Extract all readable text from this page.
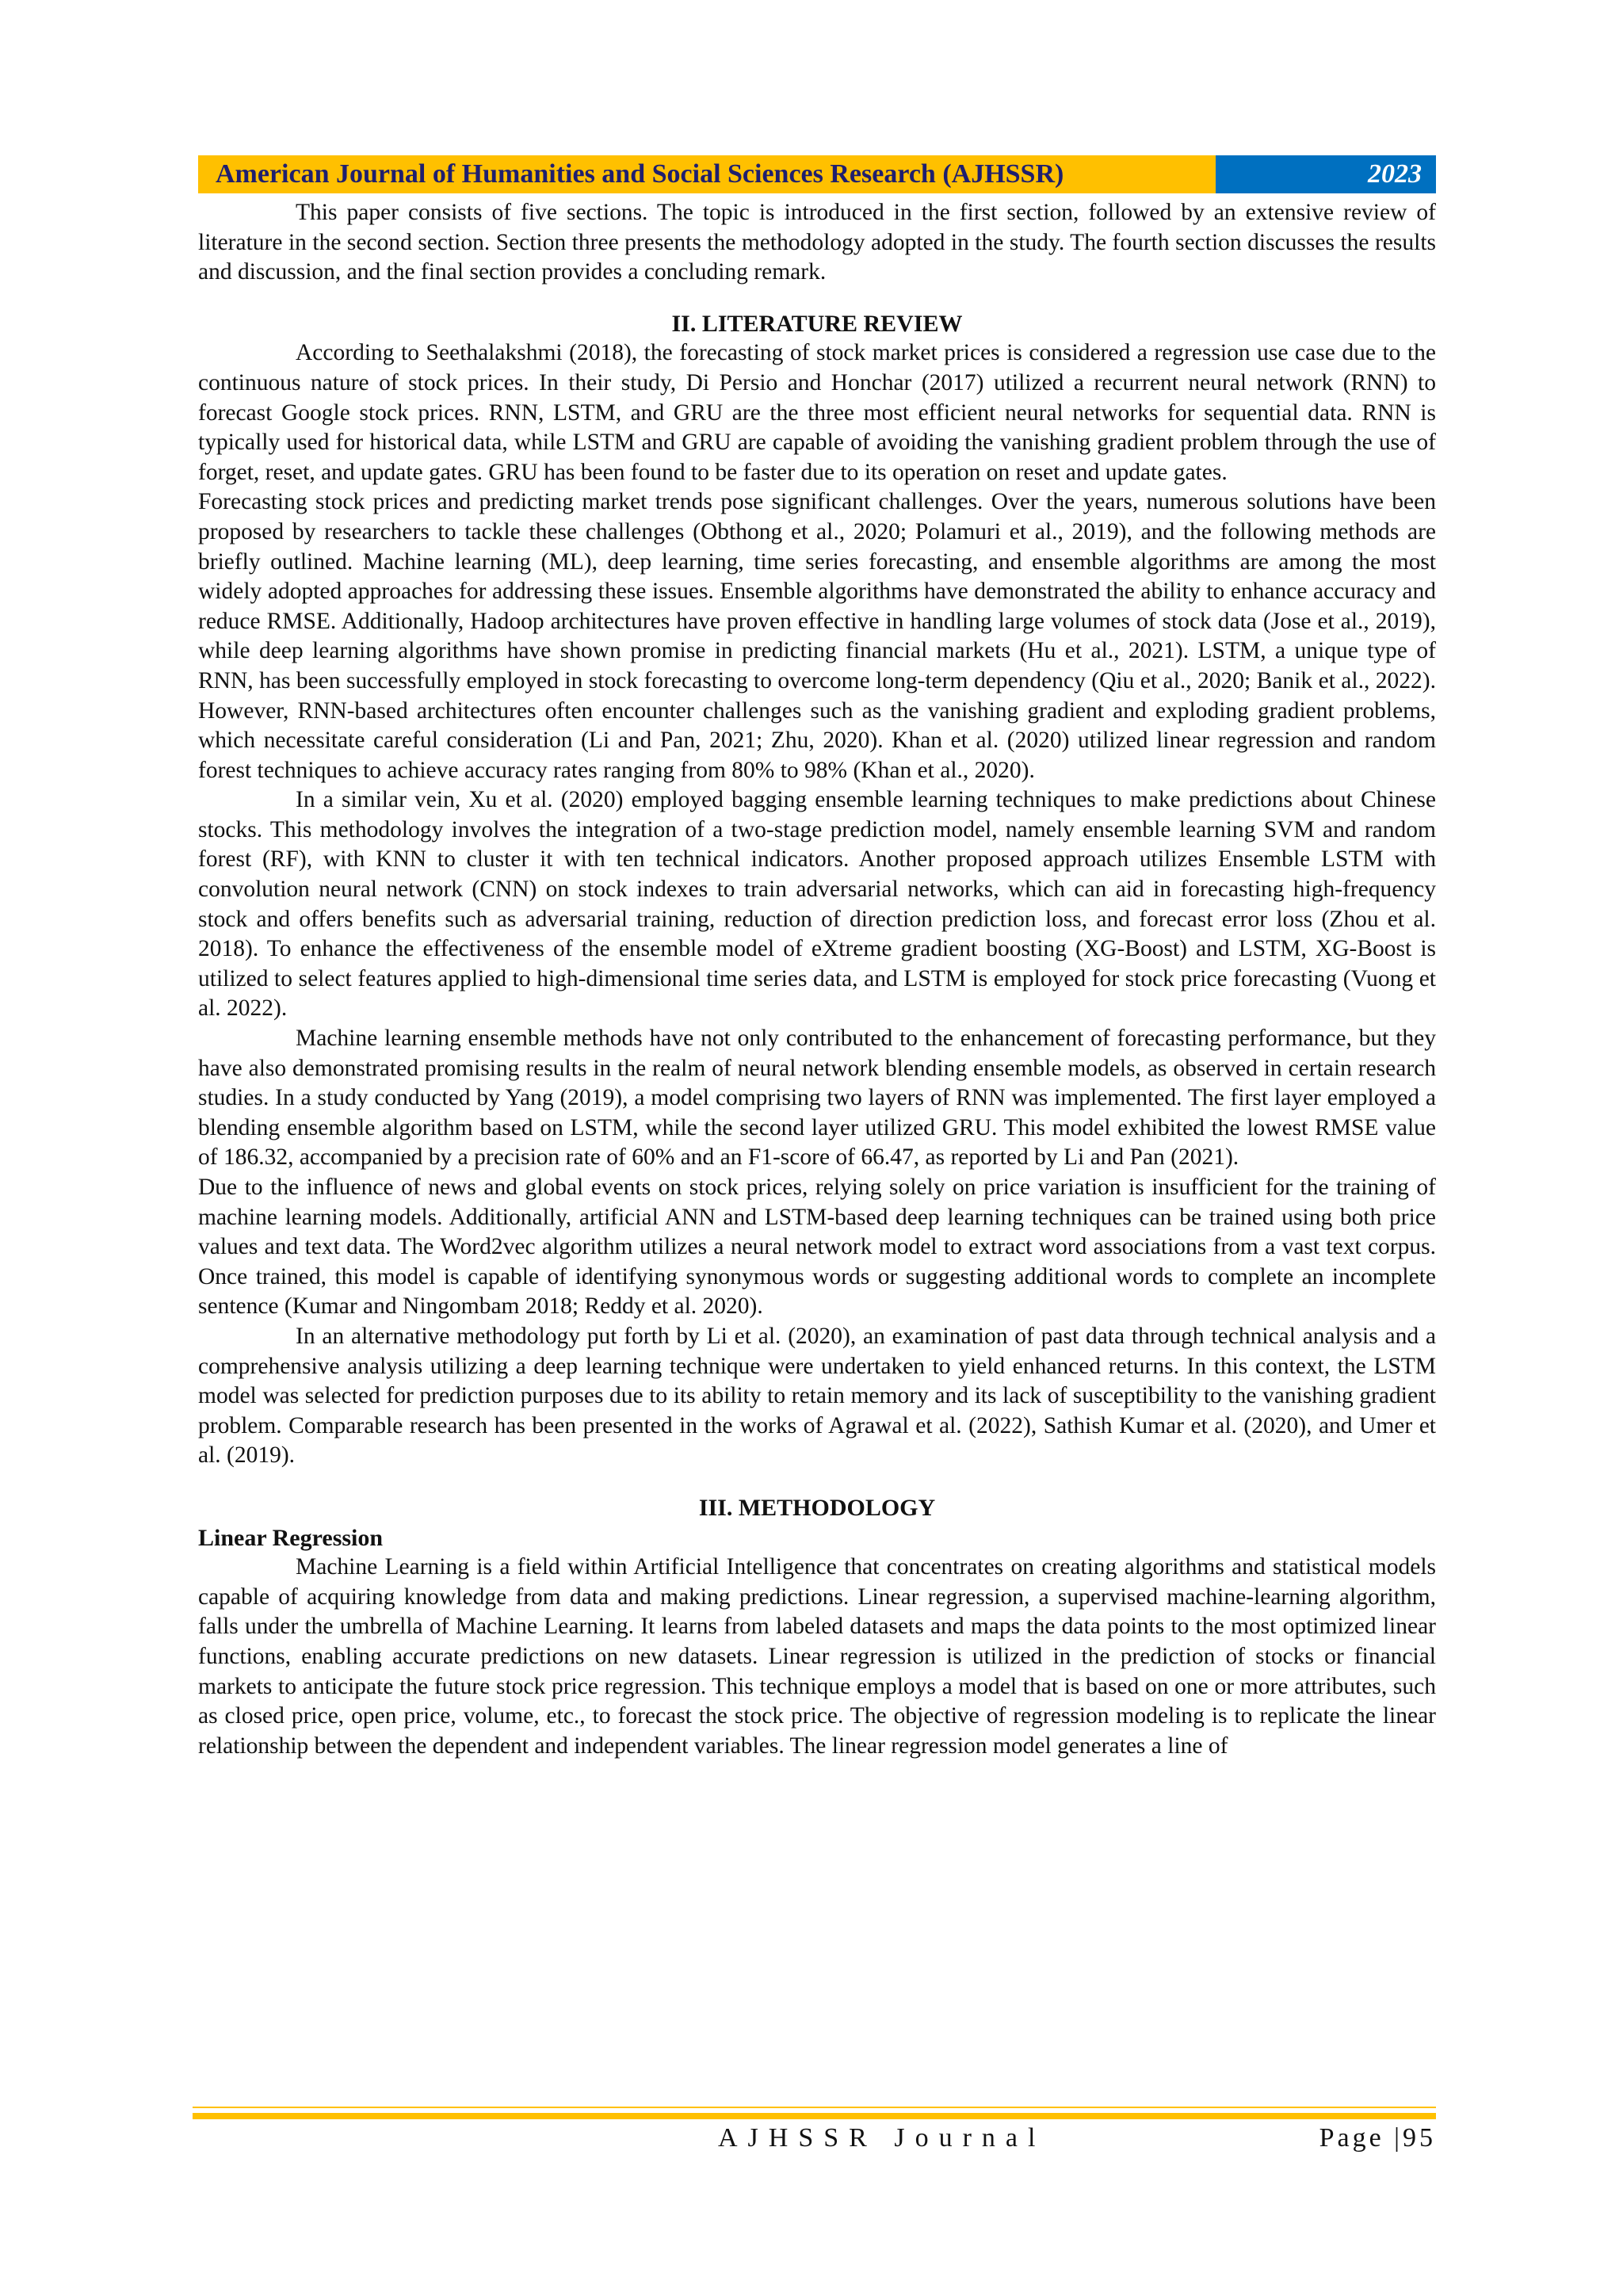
American Journal of Humanities and Social Sciences Research (AJHSSR)	2023

This paper consists of five sections. The topic is introduced in the first section, followed by an extensive review of literature in the second section. Section three presents the methodology adopted in the study. The fourth section discusses the results and discussion, and the final section provides a concluding remark.

II. LITERATURE REVIEW

According to Seethalakshmi (2018), the forecasting of stock market prices is considered a regression use case due to the continuous nature of stock prices. In their study, Di Persio and Honchar (2017) utilized a recurrent neural network (RNN) to forecast Google stock prices. RNN, LSTM, and GRU are the three most efficient neural networks for sequential data. RNN is typically used for historical data, while LSTM and GRU are capable of avoiding the vanishing gradient problem through the use of forget, reset, and update gates. GRU has been found to be faster due to its operation on reset and update gates.

Forecasting stock prices and predicting market trends pose significant challenges. Over the years, numerous solutions have been proposed by researchers to tackle these challenges (Obthong et al., 2020; Polamuri et al., 2019), and the following methods are briefly outlined. Machine learning (ML), deep learning, time series forecasting, and ensemble algorithms are among the most widely adopted approaches for addressing these issues. Ensemble algorithms have demonstrated the ability to enhance accuracy and reduce RMSE. Additionally, Hadoop architectures have proven effective in handling large volumes of stock data (Jose et al., 2019), while deep learning algorithms have shown promise in predicting financial markets (Hu et al., 2021). LSTM, a unique type of RNN, has been successfully employed in stock forecasting to overcome long-term dependency (Qiu et al., 2020; Banik et al., 2022). However, RNN-based architectures often encounter challenges such as the vanishing gradient and exploding gradient problems, which necessitate careful consideration (Li and Pan, 2021; Zhu, 2020). Khan et al. (2020) utilized linear regression and random forest techniques to achieve accuracy rates ranging from 80% to 98% (Khan et al., 2020).

In a similar vein, Xu et al. (2020) employed bagging ensemble learning techniques to make predictions about Chinese stocks. This methodology involves the integration of a two-stage prediction model, namely ensemble learning SVM and random forest (RF), with KNN to cluster it with ten technical indicators. Another proposed approach utilizes Ensemble LSTM with convolution neural network (CNN) on stock indexes to train adversarial networks, which can aid in forecasting high-frequency stock and offers benefits such as adversarial training, reduction of direction prediction loss, and forecast error loss (Zhou et al. 2018). To enhance the effectiveness of the ensemble model of eXtreme gradient boosting (XG-Boost) and LSTM, XG-Boost is utilized to select features applied to high-dimensional time series data, and LSTM is employed for stock price forecasting (Vuong et al. 2022).

Machine learning ensemble methods have not only contributed to the enhancement of forecasting performance, but they have also demonstrated promising results in the realm of neural network blending ensemble models, as observed in certain research studies. In a study conducted by Yang (2019), a model comprising two layers of RNN was implemented. The first layer employed a blending ensemble algorithm based on LSTM, while the second layer utilized GRU. This model exhibited the lowest RMSE value of 186.32, accompanied by a precision rate of 60% and an F1-score of 66.47, as reported by Li and Pan (2021).

Due to the influence of news and global events on stock prices, relying solely on price variation is insufficient for the training of machine learning models. Additionally, artificial ANN and LSTM-based deep learning techniques can be trained using both price values and text data. The Word2vec algorithm utilizes a neural network model to extract word associations from a vast text corpus. Once trained, this model is capable of identifying synonymous words or suggesting additional words to complete an incomplete sentence (Kumar and Ningombam 2018; Reddy et al. 2020).

In an alternative methodology put forth by Li et al. (2020), an examination of past data through technical analysis and a comprehensive analysis utilizing a deep learning technique were undertaken to yield enhanced returns. In this context, the LSTM model was selected for prediction purposes due to its ability to retain memory and its lack of susceptibility to the vanishing gradient problem. Comparable research has been presented in the works of Agrawal et al. (2022), Sathish Kumar et al. (2020), and Umer et al. (2019).

III. METHODOLOGY

Linear Regression

Machine Learning is a field within Artificial Intelligence that concentrates on creating algorithms and statistical models capable of acquiring knowledge from data and making predictions. Linear regression, a supervised machine-learning algorithm, falls under the umbrella of Machine Learning. It learns from labeled datasets and maps the data points to the most optimized linear functions, enabling accurate predictions on new datasets. Linear regression is utilized in the prediction of stocks or financial markets to anticipate the future stock price regression. This technique employs a model that is based on one or more attributes, such as closed price, open price, volume, etc., to forecast the stock price. The objective of regression modeling is to replicate the linear relationship between the dependent and independent variables. The linear regression model generates a line of

AJHSSR Journal	Page |95
